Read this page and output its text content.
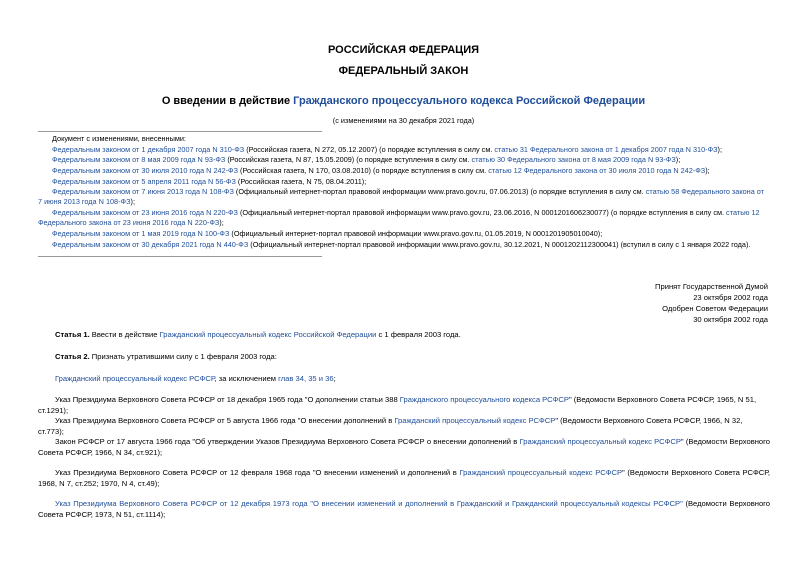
РОССИЙСКАЯ ФЕДЕРАЦИЯ
ФЕДЕРАЛЬНЫЙ ЗАКОН
О введении в действие Гражданского процессуального кодекса Российской Федерации
(с изменениями на 30 декабря 2021 года)
Документ с изменениями, внесенными:
Федеральным законом от 1 декабря 2007 года N 310-ФЗ (Российская газета, N 272, 05.12.2007) (о порядке вступления в силу см. статью 31 Федерального закона от 1 декабря 2007 года N 310-ФЗ);
Федеральным законом от 8 мая 2009 года N 93-ФЗ (Российская газета, N 87, 15.05.2009) (о порядке вступления в силу см. статью 30 Федерального закона от 8 мая 2009 года N 93-ФЗ);
Федеральным законом от 30 июля 2010 года N 242-ФЗ (Российская газета, N 170, 03.08.2010) (о порядке вступления в силу см. статью 12 Федерального закона от 30 июля 2010 года N 242-ФЗ);
Федеральным законом от 5 апреля 2011 года N 56-ФЗ (Российская газета, N 75, 08.04.2011);
Федеральным законом от 7 июня 2013 года N 108-ФЗ (Официальный интернет-портал правовой информации www.pravo.gov.ru, 07.06.2013) (о порядке вступления в силу см. статью 58 Федерального закона от 7 июня 2013 года N 108-ФЗ);
Федеральным законом от 23 июня 2016 года N 220-ФЗ (Официальный интернет-портал правовой информации www.pravo.gov.ru, 23.06.2016, N 0001201606230077) (о порядке вступления в силу см. статью 12 Федерального закона от 23 июня 2016 года N 220-ФЗ);
Федеральным законом от 1 мая 2019 года N 100-ФЗ (Официальный интернет-портал правовой информации www.pravo.gov.ru, 01.05.2019, N 0001201905010040);
Федеральным законом от 30 декабря 2021 года N 440-ФЗ (Официальный интернет-портал правовой информации www.pravo.gov.ru, 30.12.2021, N 0001202112300041) (вступил в силу с 1 января 2022 года).
Принят Государственной Думой
23 октября 2002 года
Одобрен Советом Федерации
30 октября 2002 года
Статья 1. Ввести в действие Гражданский процессуальный кодекс Российской Федерации с 1 февраля 2003 года.
Статья 2. Признать утратившими силу с 1 февраля 2003 года:
Гражданский процессуальный кодекс РСФСР, за исключением глав 34, 35 и 36;
Указ Президиума Верховного Совета РСФСР от 18 декабря 1965 года "О дополнении статьи 388 Гражданского процессуального кодекса РСФСР" (Ведомости Верховного Совета РСФСР, 1965, N 51, ст.1291);
Указ Президиума Верховного Совета РСФСР от 5 августа 1966 года "О внесении дополнений в Гражданский процессуальный кодекс РСФСР" (Ведомости Верховного Совета РСФСР, 1966, N 32, ст.773);
Закон РСФСР от 17 августа 1966 года "Об утверждении Указов Президиума Верховного Совета РСФСР о внесении дополнений в Гражданский процессуальный кодекс РСФСР" (Ведомости Верховного Совета РСФСР, 1966, N 34, ст.921);
Указ Президиума Верховного Совета РСФСР от 12 февраля 1968 года "О внесении изменений и дополнений в Гражданский процессуальный кодекс РСФСР" (Ведомости Верховного Совета РСФСР, 1968, N 7, ст.252; 1970, N 4, ст.49);
Указ Президиума Верховного Совета РСФСР от 12 декабря 1973 года "О внесении изменений и дополнений в Гражданский и Гражданский процессуальный кодексы РСФСР" (Ведомости Верховного Совета РСФСР, 1973, N 51, ст.1114);
